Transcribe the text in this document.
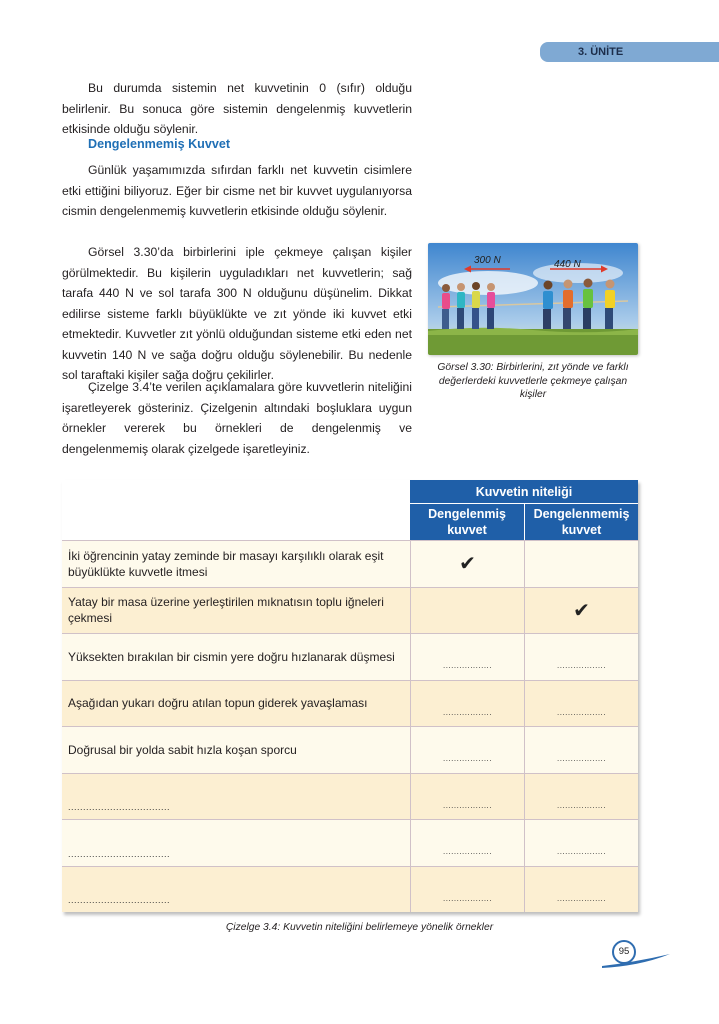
3. ÜNİTE

Bu durumda sistemin net kuvvetinin 0 (sıfır) olduğu belirlenir. Bu sonuca göre sistemin dengelenmiş kuvvetlerin etkisinde olduğu söylenir.

Dengelenmemiş Kuvvet

Günlük yaşamımızda sıfırdan farklı net kuvvetin cisimlere etki ettiğini biliyoruz. Eğer bir cisme net bir kuvvet uygulanıyorsa cismin dengelenmemiş kuvvetlerin etkisinde olduğu söylenir.

Görsel 3.30’da birbirlerini iple çekmeye çalışan kişiler görülmektedir. Bu kişilerin uyguladıkları net kuvvetlerin; sağ tarafa 440 N ve sol tarafa 300 N olduğunu düşünelim. Dikkat edilirse sisteme farklı büyüklükte ve zıt yönde iki kuvvet etki etmektedir. Kuvvetler zıt yönlü olduğundan sisteme etki eden net kuvvetin 140 N ve sağa doğru olduğu söylenebilir. Bu nedenle sol taraftaki kişiler sağa doğru çekilirler.

Çizelge 3.4’te verilen açıklamalara göre kuvvetlerin niteliğini işaretleyerek gösteriniz. Çizelgenin altındaki boşluklara uygun örnekler vererek bu örnekleri de dengelenmiş ve dengelenmemiş olarak çizelgede işaretleyiniz.

300 N	440 N

Görsel 3.30: Birbirlerini, zıt yönde ve farklı değerlerdeki kuvvetlerle çekmeye çalışan kişiler

	Kuvvetin niteliği	
	Dengelenmiş kuvvet	Dengelenmemiş kuvvet
İki öğrencinin yatay zeminde bir masayı karşılıklı olarak eşit büyüklükte kuvvetle itmesi	✔	
Yatay bir masa üzerine yerleştirilen mıknatısın toplu iğneleri çekmesi		✔
Yüksekten bırakılan bir cismin yere doğru hızlanarak düşmesi	..................	..................

Aşağıdan yukarı doğru atılan topun giderek yavaşlaması	..................	..................

Doğrusal bir yolda sabit hızla koşan sporcu	..................	..................

..................................	..................	..................

..................................	..................	..................

..................................	..................	..................

Çizelge 3.4: Kuvvetin niteliğini belirlemeye yönelik örnekler

95
